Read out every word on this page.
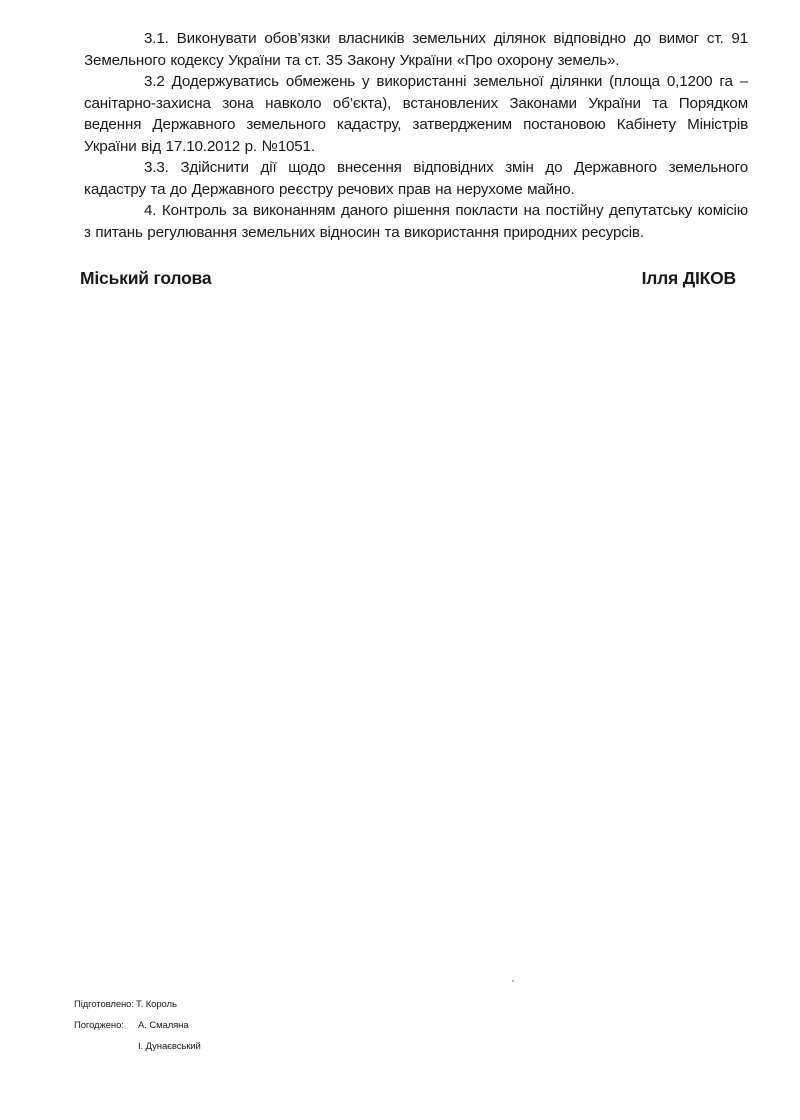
3.1. Виконувати обов’язки власників земельних ділянок відповідно до вимог ст. 91 Земельного кодексу України та ст. 35 Закону України «Про охорону земель».

3.2 Додержуватись обмежень у використанні земельної ділянки (площа 0,1200 га – санітарно-захисна зона навколо об’єкта), встановлених Законами України та Порядком ведення Державного земельного кадастру, затвердженим постановою Кабінету Міністрів України від 17.10.2012 р. №1051.

3.3. Здійснити дії щодо внесення відповідних змін до Державного земельного кадастру та до Державного реєстру речових прав на нерухоме майно.

4. Контроль за виконанням даного рішення покласти на постійну депутатську комісію з питань регулювання земельних відносин та використання природних ресурсів.

Міський голова	Ілля ДІКОВ
Підготовлено: Т. Король
Погоджено: А. Смаляна
І. Дунаєвський
